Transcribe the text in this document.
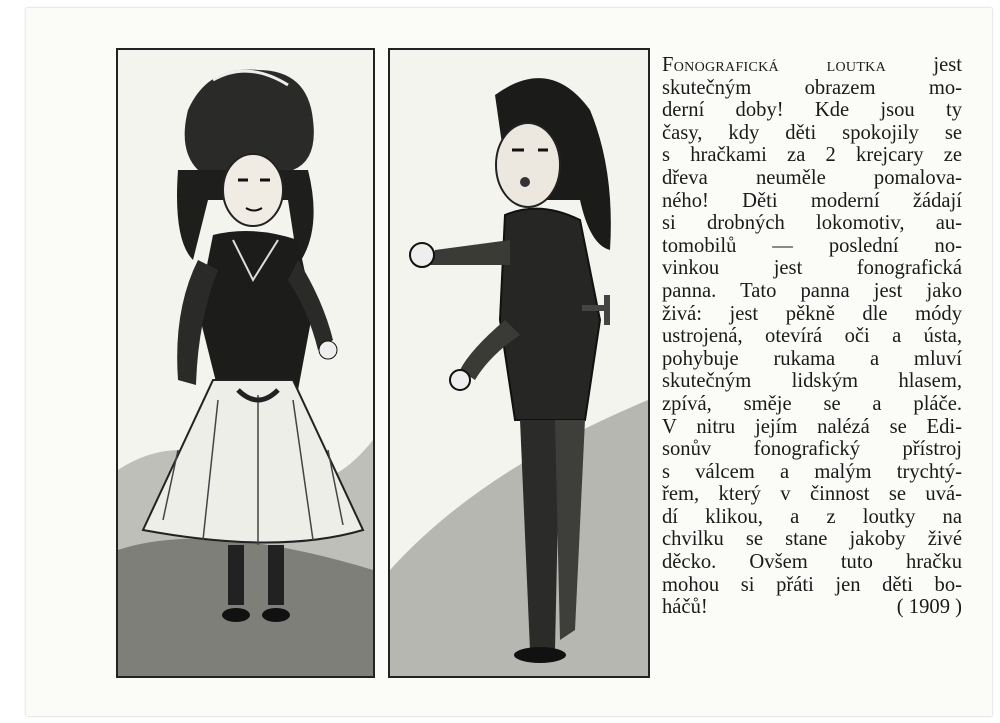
Fonografická loutka jest
skutečným obrazem mo-
derní doby! Kde jsou ty
časy, kdy děti spokojily se
s hračkami za 2 krejcary ze
dřeva neuměle pomalova-
ného! Děti moderní žádají
si drobných lokomotiv, au-
tomobilů — poslední no-
vinkou jest fonografická
panna. Tato panna jest jako
živá: jest pěkně dle módy
ustrojená, otevírá oči a ústa,
pohybuje rukama a mluví
skutečným lidským hlasem,
zpívá, směje se a pláče.
V nitru jejím nalézá se Edi-
sonův fonografický přístroj
s válcem a malým trychtý-
řem, který v činnost se uvá-
dí klikou, a z loutky na
chvilku se stane jakoby živé
děcko. Ovšem tuto hračku
mohou si přáti jen děti bo-
háčů!	( 1909 )
